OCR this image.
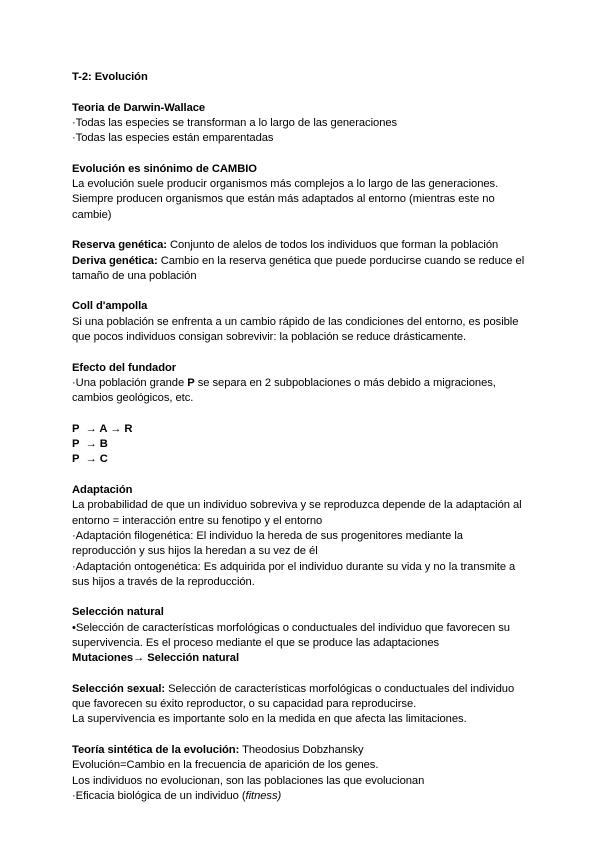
T-2: Evolución
Teoria de Darwin-Wallace
·Todas las especies se transforman a lo largo de las generaciones
·Todas las especies están emparentadas
Evolución es sinónimo de CAMBIO
La evolución suele producir organismos más complejos a lo largo de las generaciones.
Siempre producen organismos que están más adaptados al entorno (mientras este no
cambie)
Reserva genética: Conjunto de alelos de todos los individuos que forman la población
Deriva genética: Cambio en la reserva genética que puede porducirse cuando se reduce el
tamaño de una población
Coll d'ampolla
Si una población se enfrenta a un cambio rápido de las condiciones del entorno, es posible
que pocos individuos consigan sobrevivir: la población se reduce drásticamente.
Efecto del fundador
·Una población grande P se separa en 2 subpoblaciones o más debido a migraciones,
cambios geológicos, etc.
P  → A → R
P  → B
P  → C
Adaptación
La probabilidad de que un individuo sobreviva y se reproduzca depende de la adaptación al
entorno = interacción entre su fenotipo y el entorno
·Adaptación filogenética: El individuo la hereda de sus progenitores mediante la
reproducción y sus hijos la heredan a su vez de él
·Adaptación ontogenética: Es adquirida por el individuo durante su vida y no la transmite a
sus hijos a través de la reproducción.
Selección natural
•Selección de características morfológicas o conductuales del individuo que favorecen su
supervivencia. Es el proceso mediante el que se produce las adaptaciones
Mutaciones→ Selección natural
Selección sexual: Selección de características morfológicas o conductuales del individuo
que favorecen su éxito reproductor, o su capacidad para reproducirse.
La supervivencia es importante solo en la medida en que afecta las limitaciones.
Teoría sintética de la evolución: Theodosius Dobzhansky
Evolución=Cambio en la frecuencia de aparición de los genes.
Los individuos no evolucionan, son las poblaciones las que evolucionan
·Eficacia biológica de un individuo (fitness)
